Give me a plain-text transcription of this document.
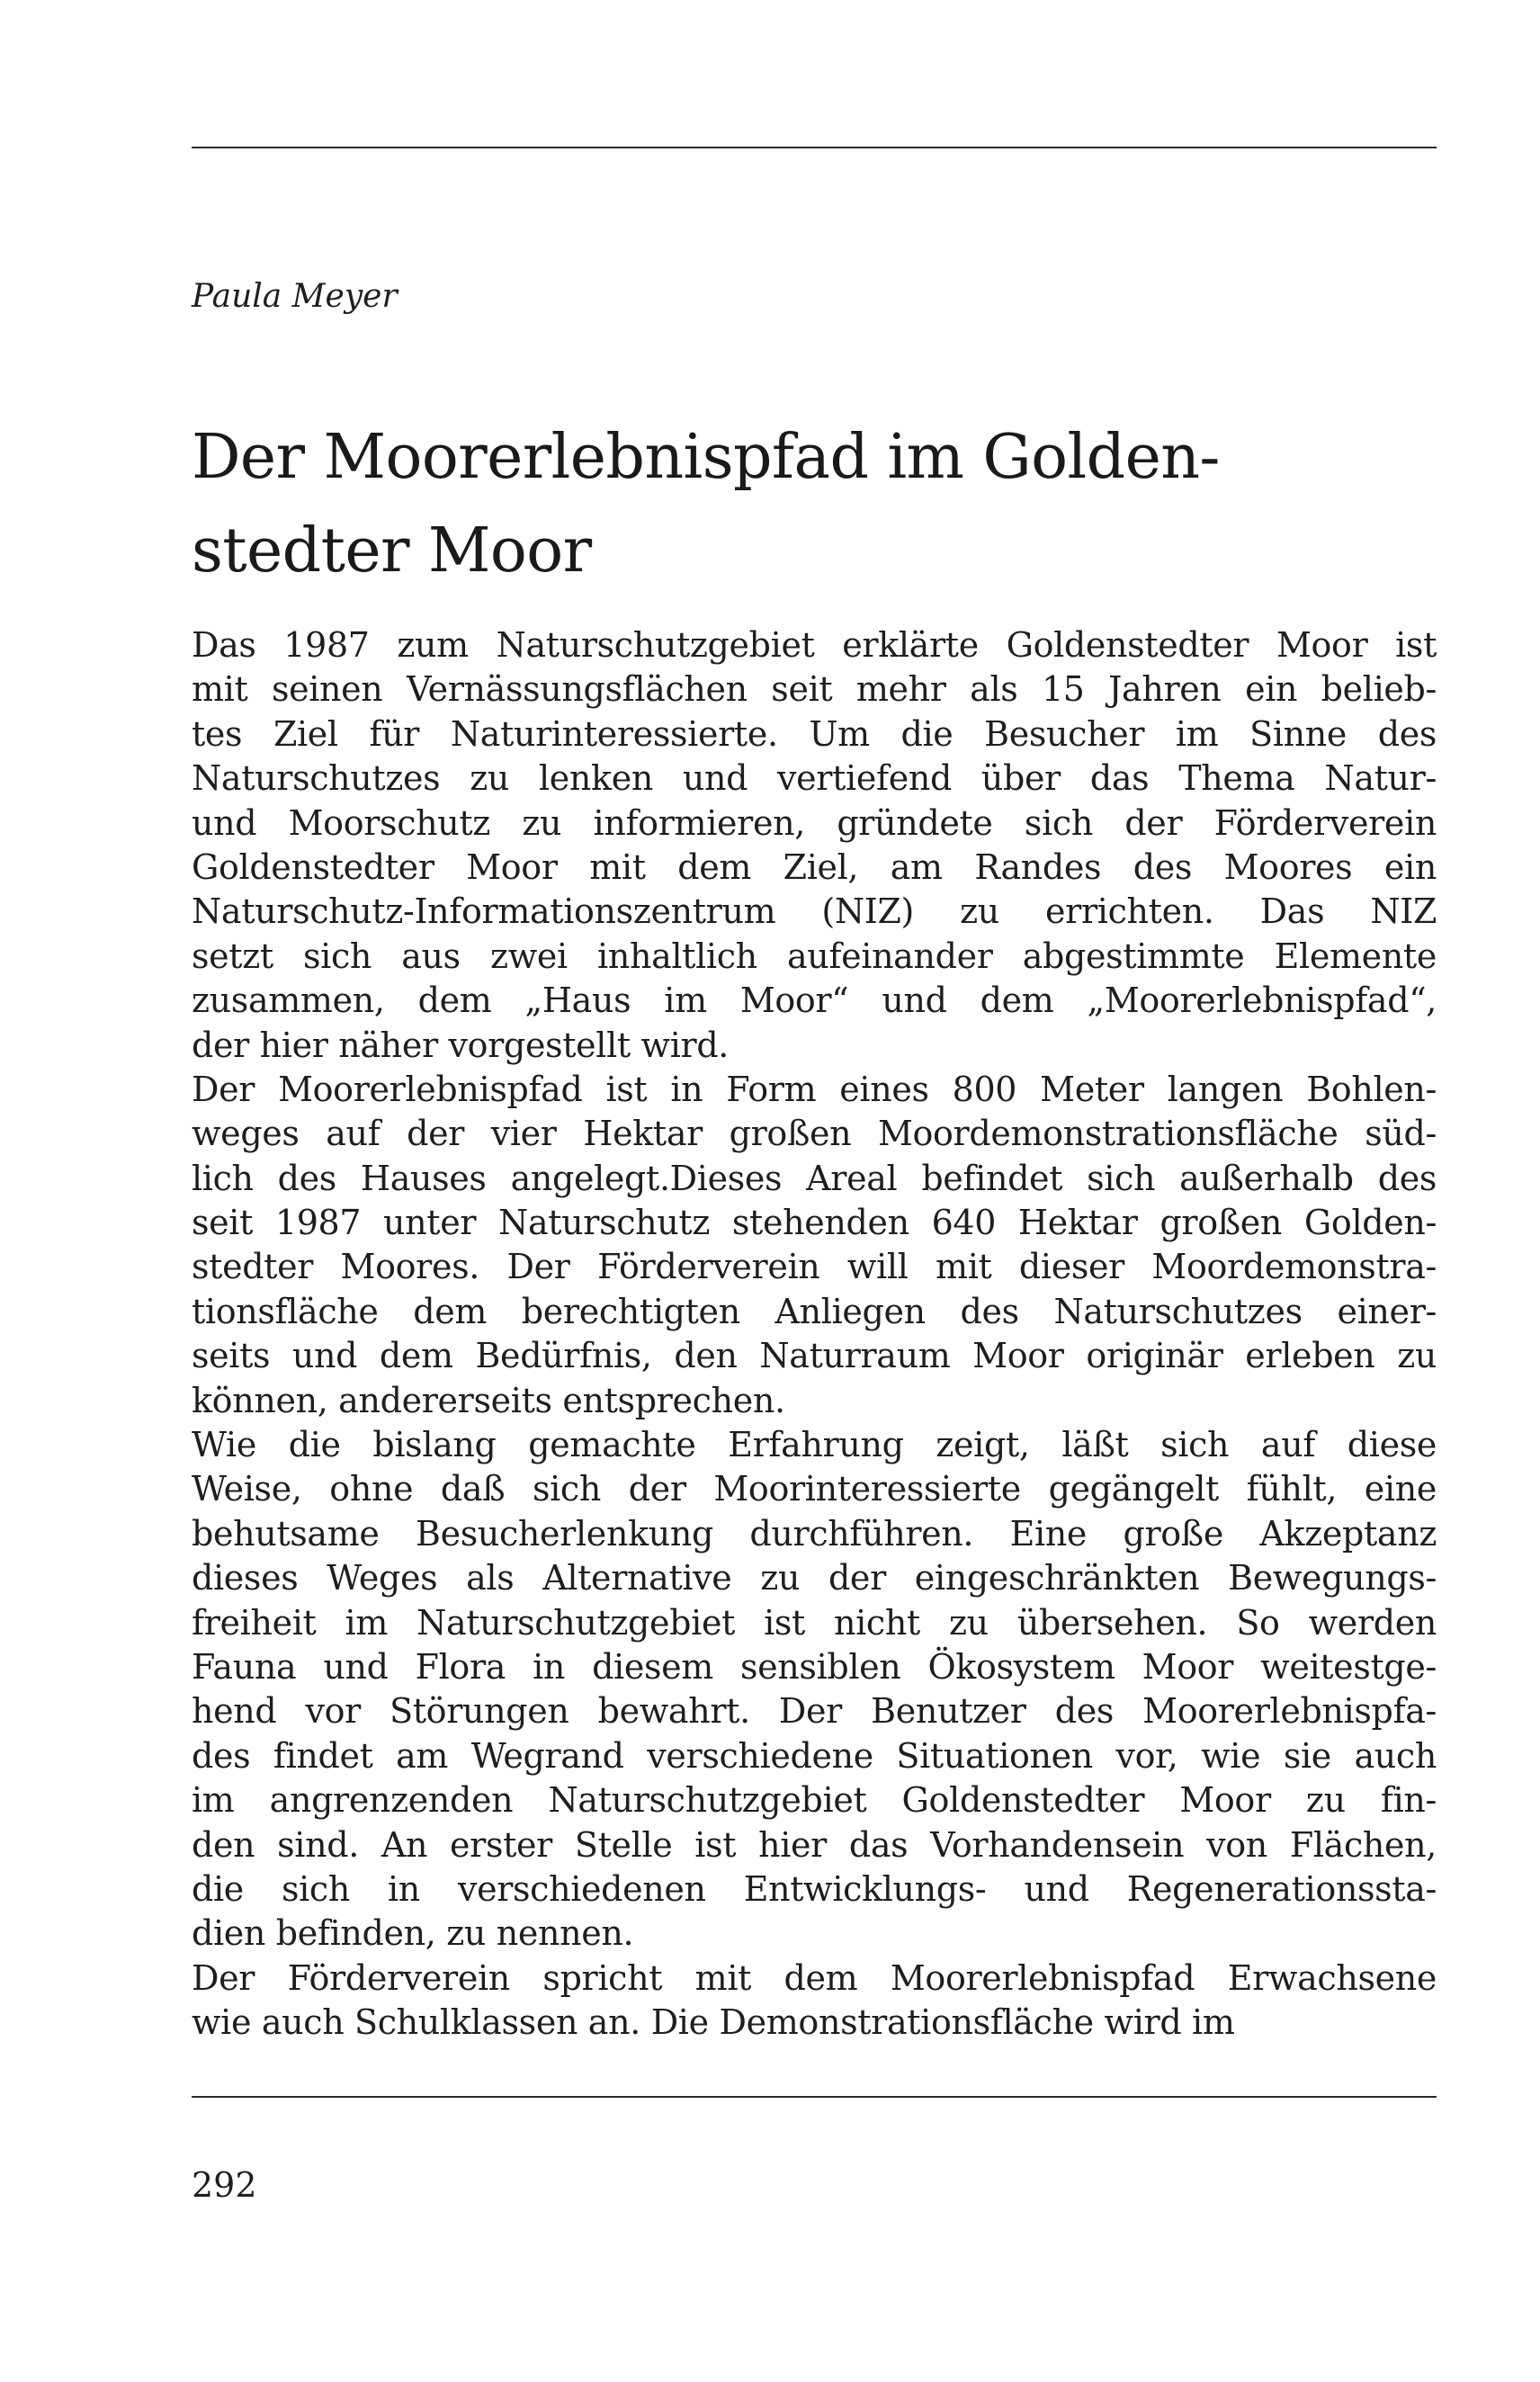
Paula Meyer
Der Moorerlebnispfad im Golden-
stedter Moor
Das 1987 zum Naturschutzgebiet erklärte Goldenstedter Moor ist
mit seinen Vernässungsflächen seit mehr als 15 Jahren ein belieb-
tes Ziel für Naturinteressierte. Um die Besucher im Sinne des
Naturschutzes zu lenken und vertiefend über das Thema Natur-
und Moorschutz zu informieren, gründete sich der Förderverein
Goldenstedter Moor mit dem Ziel, am Randes des Moores ein
Naturschutz-Informationszentrum (NIZ) zu errichten. Das NIZ
setzt sich aus zwei inhaltlich aufeinander abgestimmte Elemente
zusammen, dem „Haus im Moor“ und dem „Moorerlebnispfad“,
der hier näher vorgestellt wird.
Der Moorerlebnispfad ist in Form eines 800 Meter langen Bohlen-
weges auf der vier Hektar großen Moordemonstrationsfläche süd-
lich des Hauses angelegt.Dieses Areal befindet sich außerhalb des
seit 1987 unter Naturschutz stehenden 640 Hektar großen Golden-
stedter Moores. Der Förderverein will mit dieser Moordemonstra-
tionsfläche dem berechtigten Anliegen des Naturschutzes einer-
seits und dem Bedürfnis, den Naturraum Moor originär erleben zu
können, andererseits entsprechen.
Wie die bislang gemachte Erfahrung zeigt, läßt sich auf diese
Weise, ohne daß sich der Moorinteressierte gegängelt fühlt, eine
behutsame Besucherlenkung durchführen. Eine große Akzeptanz
dieses Weges als Alternative zu der eingeschränkten Bewegungs-
freiheit im Naturschutzgebiet ist nicht zu übersehen. So werden
Fauna und Flora in diesem sensiblen Ökosystem Moor weitestge-
hend vor Störungen bewahrt. Der Benutzer des Moorerlebnispfa-
des findet am Wegrand verschiedene Situationen vor, wie sie auch
im angrenzenden Naturschutzgebiet Goldenstedter Moor zu fin-
den sind. An erster Stelle ist hier das Vorhandensein von Flächen,
die sich in verschiedenen Entwicklungs- und Regenerationssta-
dien befinden, zu nennen.
Der Förderverein spricht mit dem Moorerlebnispfad Erwachsene
wie auch Schulklassen an. Die Demonstrationsfläche wird im
292
